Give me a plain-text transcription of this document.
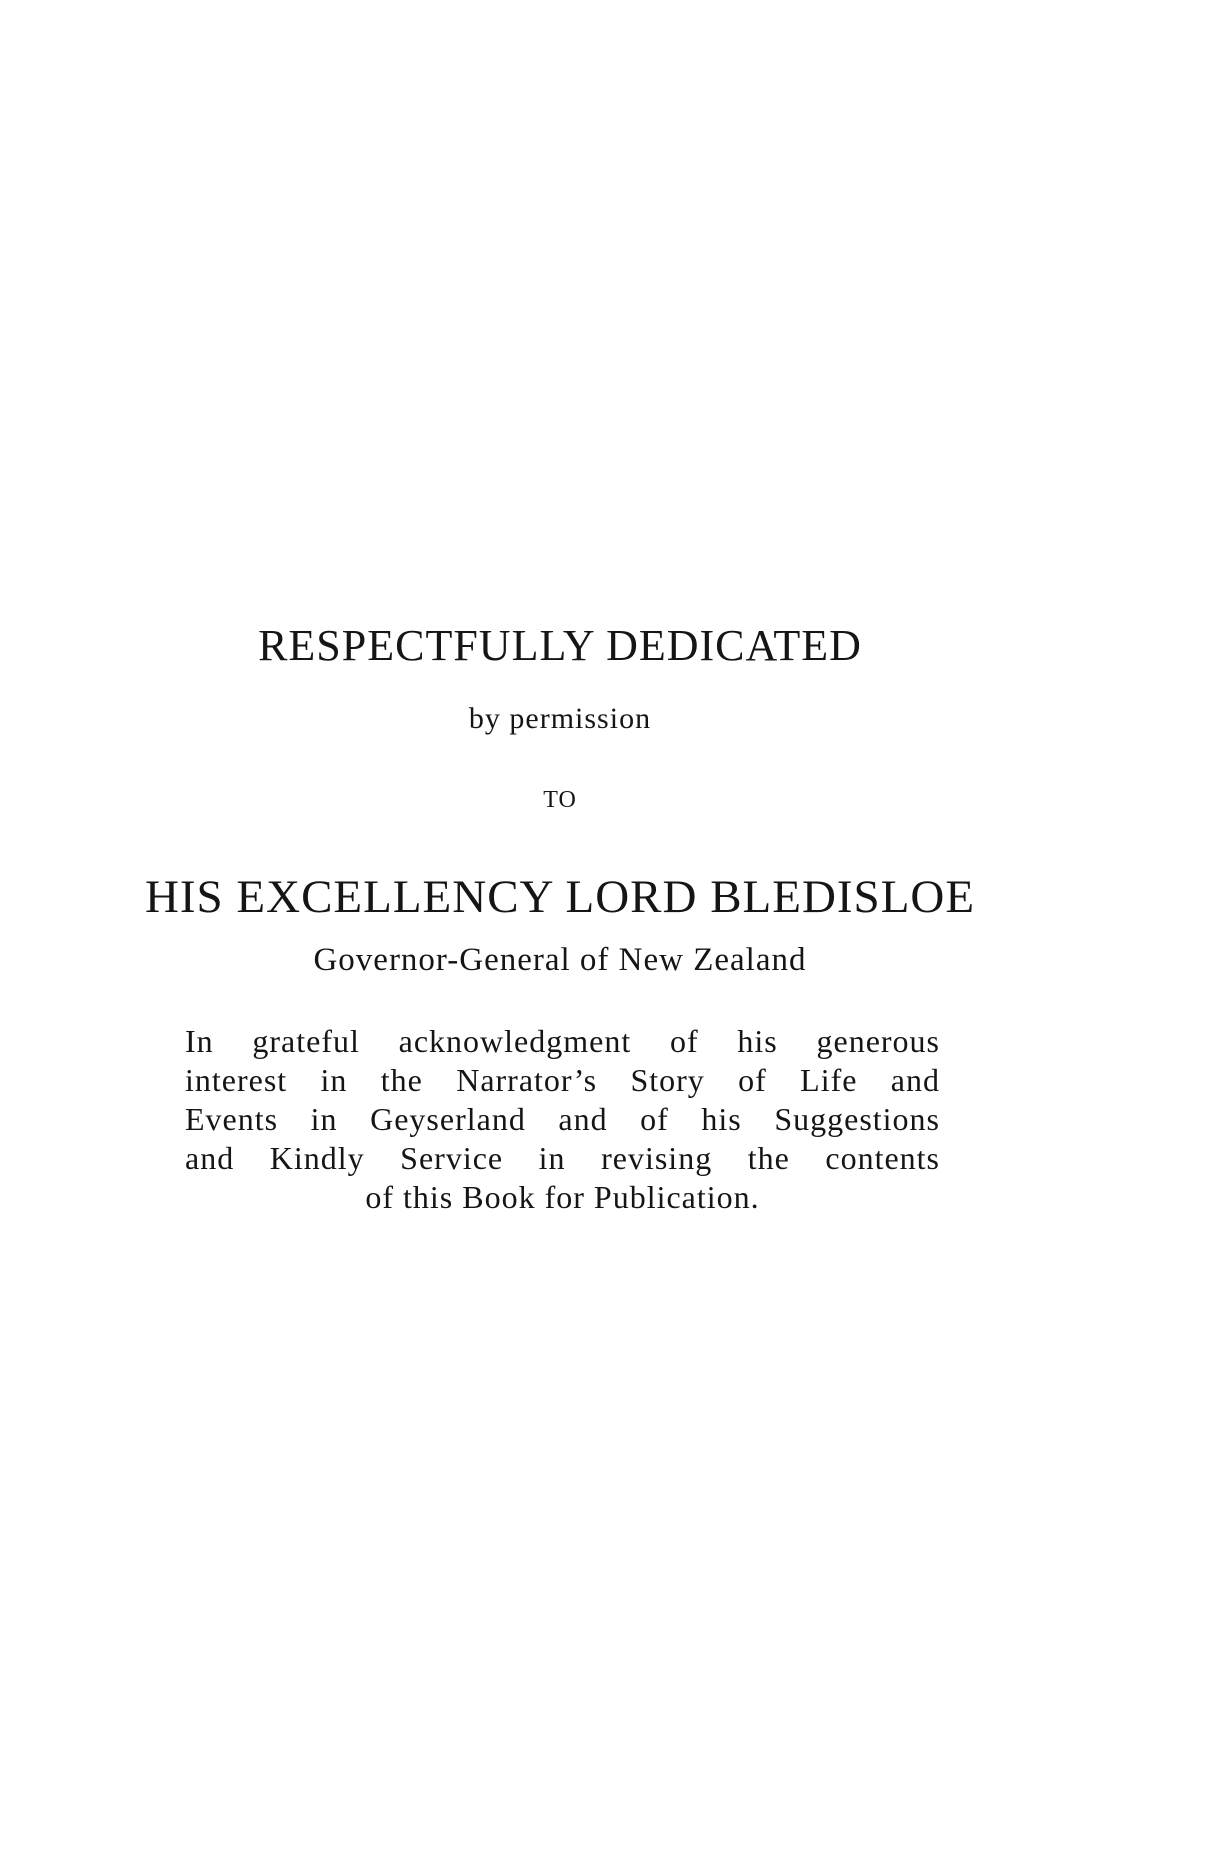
RESPECTFULLY DEDICATED
by permission
TO
HIS EXCELLENCY LORD BLEDISLOE
Governor-General of New Zealand
In grateful acknowledgment of his generous
interest in the Narrator’s Story of Life and
Events in Geyserland and of his Suggestions
and Kindly Service in revising the contents
of this Book for Publication.
